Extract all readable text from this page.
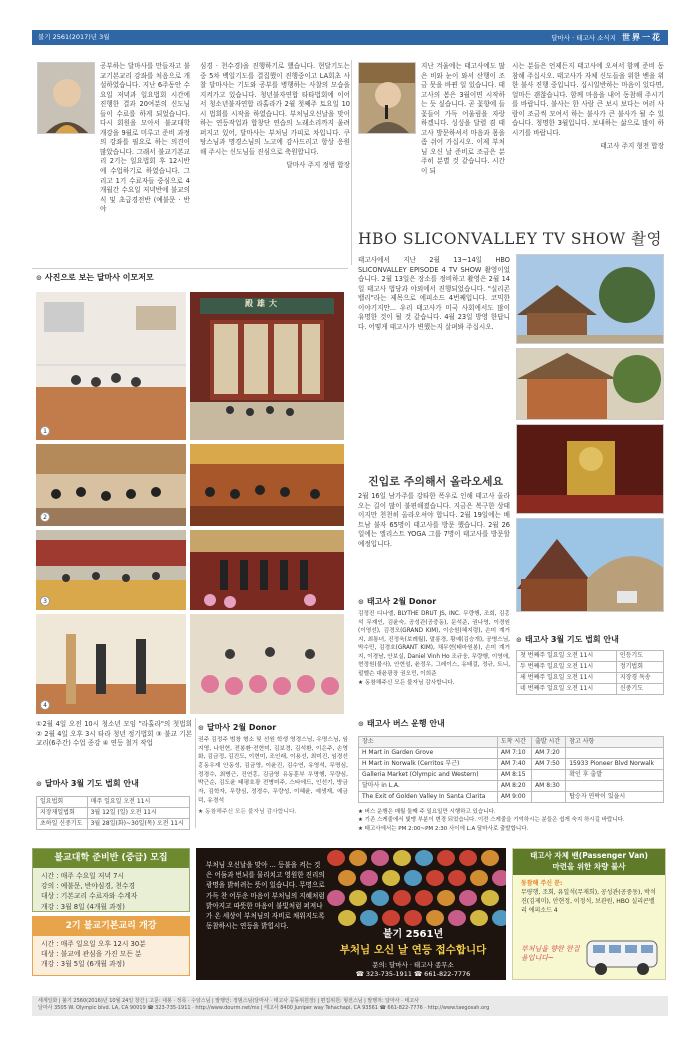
불기 2561(2017)년 3월	달마사 · 태고사 소식지 世界一花
공부하는 달마사를 만들자고 불교기본교리 강좌를 처음으로 개설하였습니다. 지난 6주동안 수요일 저녁과 일요법회 시간에 진행한 결과 20여분의 신도님들이 수료를 하게 되었습니다. 다시 회원을 모아서 불교대학 개강을 9월로 미루고 준비 과정의 강좌를 필요로 하는 의견이 많았습니다. 그래서 불교기본교리 2기는 일요법회 후 12시반에 수업하기로 하였습니다. 그리고 1기 수료자들 중심으로 4개월간 수요일 저녁반에 불교의식 및 초급경전반 (예불문 · 반야
심경 · 천수경)을 진행하기로 했습니다. 현달기도는 중 5차 백일기도를 결집했이 진행중이고 LA회초 사찰 달마사는 기도와 공부를 병행하는 사찰의 모습을 지켜가고 있습니다. 청년불자연합 타타법회에 이어서 청소년불자연합 라홀라가 2월 첫째주 토요일 10시 법회를 시작을 하였습니다. 부처님오신날을 맞이하는 연등작업과 합창단 연습의 노래소리까지 울려퍼지고 있어, 달마사는 부처님 가피로 차입니다. 쿠탕스님과 명경스님의 노고에 감사드리고 항상 응원해 주시는 신도님들 진심으로 축원합니다.
달마사 주지 정범 합장
지난 겨울에는 태고사에도 많은 비와 눈이 와서 산행이 조금 못을 바뀐 일 있습니다. 태고사의 봄은 3월이면 시작하는 듯 싶습니다. 곧 꽃향에 들꽃들이 가득 어울림을 자랑 하겠니다. 싱싱을 달렬 겸 태고사 방문하셔서 마음과 몸을 좀 쉬어 가십시오. 이제 부처님 오신 날 준비로 조금은 분주히 분별 것 같습니다. 시간이 되
시는 분들은 언제든지 태고사에 오셔서 함께 준비 동참해 주십시오. 태고사가 자체 신도들을 위한 벤을 위한 불사 진행 중입니다. 십시일반하는 마음이 있다면, 얼마든 괜찮습니다. 함께 마음을 내어 동참해 주시기를 바랍니다. 불사는 한 사람 큰 보시 보다는 여러 사람이 조금씩 모여서 하는 불사가 큰 불사가 될 수 있습니다. 청명한 3월입니다. 보내하는 삶으로 많이 하시기를 바랍니다.
태고사 주지 형전 합장
⊙ 사진으로 보는 달마사 이모저모
1
殿雄大
2
3
4
①2월 4일 오전 10시 청소년 모임 "라홀라"의 첫법회 ② 2월 4일 오후 3시 타라 청년 정기법회 ③ 불교 기본교리(6주간) 수업 종강 ④ 연등 철거 작업
⊙ 달마사 3월 기도 법회 안내
일요법회	매주 일요일 오전 11시
지장재일법회	3월 12일 (일) 오전 11시
초하일 신중기도	3월 28일(화)~30일(목) 오전 11시
⊙ 달마사 2월 Donor
권주 김정주 범창 형소 및 선원 학생 영경스님, 우명스님, 임지영, 나헌현, 전봉환·전현미, 김보경, 김석환, 이은주, 손영화, 김금정, 김진도, 이현미, 조인래, 이용선, 최미진, 임경선 홍동우재 안동성, 김금영, 이윤진, 김수연, 유영석, 무명심, 정경수, 최병근, 진연홍, 김금영 유동훈부 우명행, 무량심, 박근순, 김도윤 태평호광 전병미주, 스타에드, 인선기, 방금자, 김학자, 무량심, 정경수, 무량성, 이혜윤, 예생재, 예금덕, 유경석
★ 동참해주신 모든 불자님 감사합니다.
HBO SLICONVALLEY TV SHOW 촬영
태고사에서 지난 2월 13~14일 HBO SLICONVALLEY EPISODE 4 TV SHOW 촬영이었습니다. 2월 13일은 장소를 정비하고 촬영은 2월 14일 태고사 법당과 야외에서 진행되었습니다. "실리콘밸리"라는 제목으로 에피소드 4번째입니다. 코믹한 이야기지만... 우리 태고사가 미국 사회에서도 많이 유명한 것이 될 것 같습니다. 4월 23일 방영 한답니다. 어떻게 태고사가 변했는지 살펴봐 주십시오.
진입로 주의해서 올라오세요
2월 16일 남가주를 강타한 폭우로 인해 태고사 올라오는 길이 많이 불편해졌습니다. 지금은 복구한 상태이지만 천천히 올라오셔야 합니다. 2월 19일에는 베트남 불자 65명이 태고사를 방문 했습니다. 2월 26일에는 엘리스트 YOGA 그룹 7명이 태고사를 방문할 예정입니다.
⊙ 태고사 2월 Donor
김정진 디나엘, BLYTHE DRUT JS, INC. 무량행, 조회, 김홍석 무재인, 김윤숙, 공성관(공중동), 문석준, 권나영, 이경원(이영선), 김경모(GRAND KIM), 이승원(혜지령), 손미 계거지, 최통녀, 진정욱(보례월), 말롱경, 황예(김승개), 공병스님, 박수민, 김경호(GRANT KIM), 채무현(태마원봉), 손미 계거지, 이경남, 안보실, Daniel Vinh Ho 조규웅, 무량행, 이영애, 현정원(불사), 안현설, 윤정우, 그레이스, 유태걸, 정규, 트니, 펄벨슨 대윤광장 권오민, 이희준
★ 동참해주신 모든 불자님 감사합니다.
⊙ 태고사 3월 기도 법회 안내
첫 번째주 일요일 오전 11시	인등기도
두 번째주 일요일 오전 11시	정기법회
세 번째주 일요일 오전 11시	지장경 독송
네 번째주 일요일 오전 11시	신중기도
⊙ 태고사 버스 운행 안내
장소	도착 시간	출발 시간	참고 사항
H Mart in Garden Grove	AM 7:10	AM 7:20	
H Mart in Norwalk (Cerritos 부근)	AM 7:40	AM 7:50	15933 Pioneer Blvd Norwalk
Galleria Market (Olympic and Western)	AM 8:15		확인 후 출발
달마사 in L.A.	AM 8:20	AM 8:30	
The Exit of Golden Valley In Santa Clarita	AM 9:00		탑승자 연락이 있을시
★ 버스 운행은 매월 둘째 주 일요일만 시행하고 있습니다.
★ 기존 스케줄에서 빛맹 부분이 변경 되었습니다. 이전 스케줄을 기억하시는 분들은 쉽게 숙지 하시길 바랍니다.
★ 태고사에서는 PM 2:00~PM 2:30 사이에 L.A 달마사로 출발합니다.
불교대학 준비반 (중급) 모집
시간 : 매주 수요일 저녁 7시
강의 : 예불문, 반야심경, 천수경
대상 : 기본교리 수료자와 수계자
개강 : 3월 8일 (4개월 과정)
2기 불교기본교리 개강
시간 : 매주 일요일 오후 12시 30분
대상 : 불교에 관심을 가진 모든 분
개강 : 3월 5일 (6개월 과정)
부처님 오신날을 맞아 ... 등불을 켜는 것은 어둠과 번뇌를 물리치고 영원한 진리의 광명을 밝히려는 뜻이 있습니다. 무명으로 가득 찬 어두운 마음이 부처님의 지혜처럼 밝아지고 따뜻한 마음이 불빛처럼 퍼져나가 온 세상이 부처님의 자비로 채워지도록 동참하시는 연등을 밝힙시다.
불기 2561년
부처님 오신 날 연등 접수합니다
문의: 달마사 · 태고사 종무소
☎ 323-735-1911 ☎ 661-822-7776
태고사 자체 밴(Passenger Van)
마련을 위한 차량 불사
동참해 주신 분:
무량행, 조회, 유일석(무재희), 공성관(공중동), 박석진(김제미), 안현정, 이정석, 보관원, HBO 실리콘밸리 에피소드 4
부처님을 향한 한걸음입니다~
세계일화 | 불기 2560(2016)년 10월 24일 창간 | 고문: 대봉 · 정목 · 수암스님 | 발행인: 정범스님(달마사 · 태고사 공동위원장) | 편집위원: 형전스님 | 발행처: 달마사 · 태고사
달마사 3505 W. Olympic blvd. LA, CA 90019 ☎ 323-735-1911 · http://www.dourm.net/ms | 태고사 8400 Juniper way Tehachapi, CA 93561 ☎ 661-822-7776 · http://www.taegosah.org
